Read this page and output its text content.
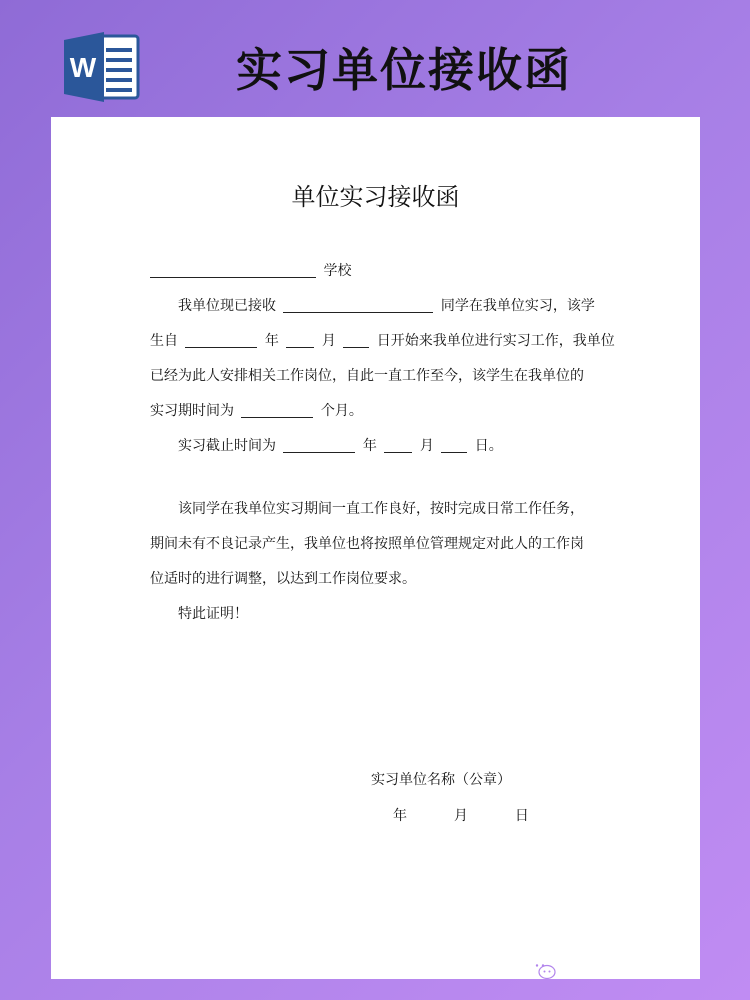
W	实习单位接收函
单位实习接收函
学校
我单位现已接收	同学在我单位实习，该学
生自	年	月	日开始来我单位进行实习工作，我单位
已经为此人安排相关工作岗位，自此一直工作至今，该学生在我单位的
实习期时间为	个月。
实习截止时间为	年	月	日。
该同学在我单位实习期间一直工作良好，按时完成日常工作任务，
期间未有不良记录产生，我单位也将按照单位管理规定对此人的工作岗
位适时的进行调整，以达到工作岗位要求。
特此证明！
实习单位名称（公章）
年	月	日
公众号 · 模板阿伟
